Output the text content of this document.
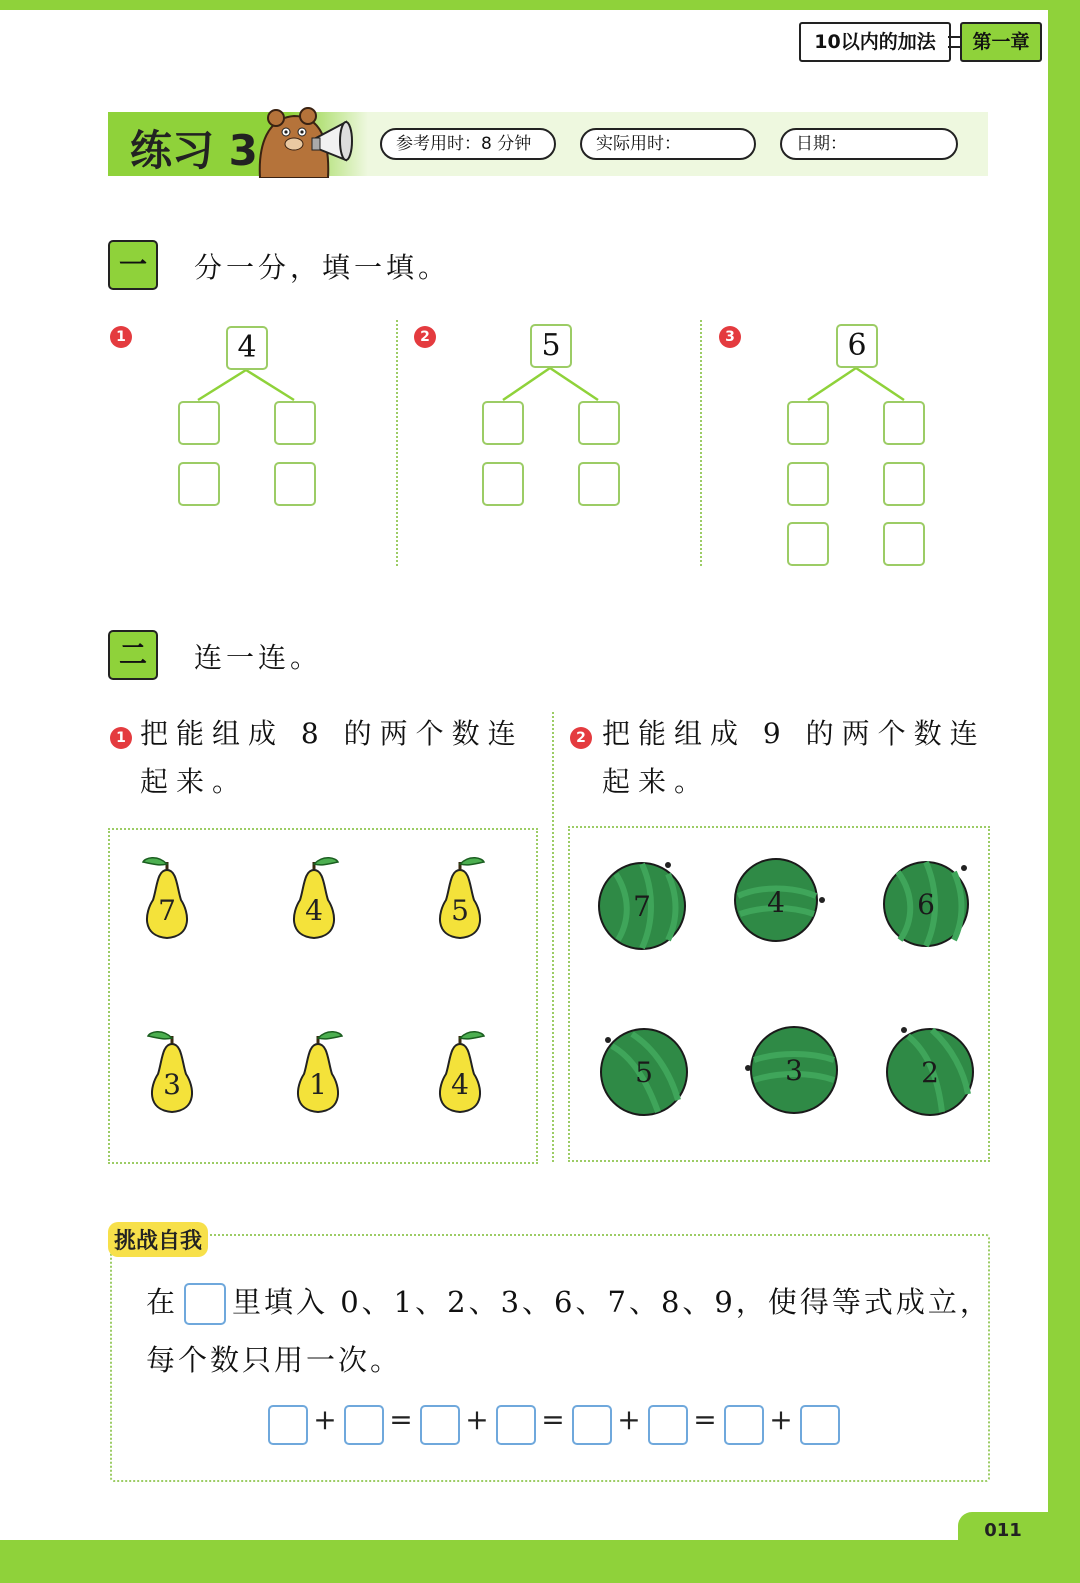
10以内的加法	第一章
练习 3	参考用时：8 分钟	实际用时：	日期：
一	分一分，填一填。
1	2	3
4	5	6
二	连一连。
1 把能组成 8 的两个数连
起来。
2 把能组成 9 的两个数连
起来。
7	4	5
3	1	4
7	4	6
5	3	2
挑战自我
在 里填入 0、1、2、3、6、7、8、9，使得等式成立，
每个数只用一次。
+ = + = + = +
011
